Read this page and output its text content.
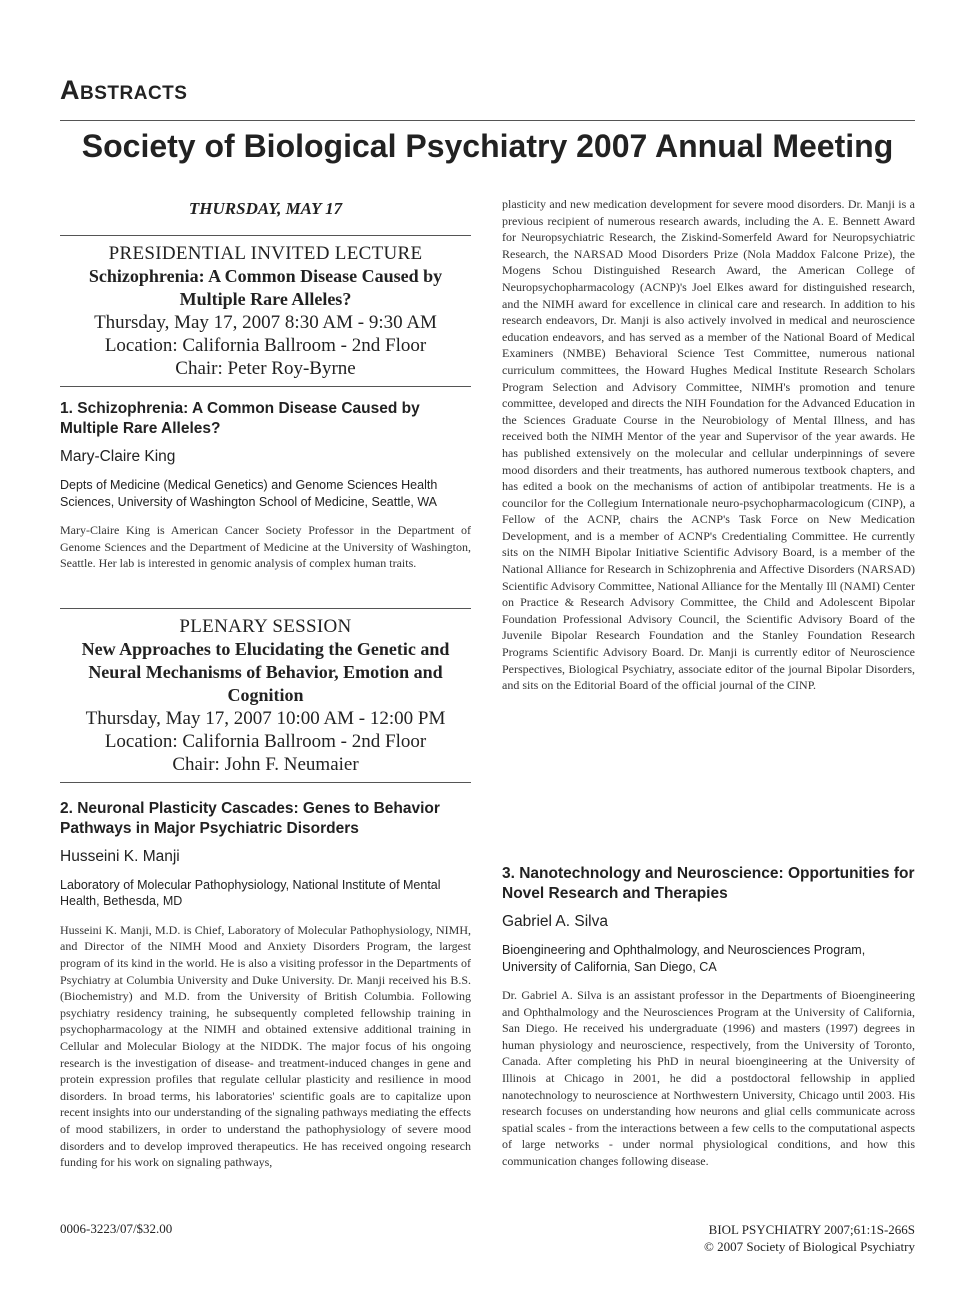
Abstracts
Society of Biological Psychiatry 2007 Annual Meeting
THURSDAY, MAY 17
PRESIDENTIAL INVITED LECTURE
Schizophrenia: A Common Disease Caused by Multiple Rare Alleles?
Thursday, May 17, 2007 8:30 AM - 9:30 AM
Location: California Ballroom - 2nd Floor
Chair: Peter Roy-Byrne
1. Schizophrenia: A Common Disease Caused by Multiple Rare Alleles?
Mary-Claire King
Depts of Medicine (Medical Genetics) and Genome Sciences Health Sciences, University of Washington School of Medicine, Seattle, WA
Mary-Claire King is American Cancer Society Professor in the Department of Genome Sciences and the Department of Medicine at the University of Washington, Seattle. Her lab is interested in genomic analysis of complex human traits.
PLENARY SESSION
New Approaches to Elucidating the Genetic and Neural Mechanisms of Behavior, Emotion and Cognition
Thursday, May 17, 2007 10:00 AM - 12:00 PM
Location: California Ballroom - 2nd Floor
Chair: John F. Neumaier
2. Neuronal Plasticity Cascades: Genes to Behavior Pathways in Major Psychiatric Disorders
Husseini K. Manji
Laboratory of Molecular Pathophysiology, National Institute of Mental Health, Bethesda, MD
Husseini K. Manji, M.D. is Chief, Laboratory of Molecular Pathophysiology, NIMH, and Director of the NIMH Mood and Anxiety Disorders Program, the largest program of its kind in the world. He is also a visiting professor in the Departments of Psychiatry at Columbia University and Duke University. Dr. Manji received his B.S. (Biochemistry) and M.D. from the University of British Columbia. Following psychiatry residency training, he subsequently completed fellowship training in psychopharmacology at the NIMH and obtained extensive additional training in Cellular and Molecular Biology at the NIDDK. The major focus of his ongoing research is the investigation of disease- and treatment-induced changes in gene and protein expression profiles that regulate cellular plasticity and resilience in mood disorders. In broad terms, his laboratories' scientific goals are to capitalize upon recent insights into our understanding of the signaling pathways mediating the effects of mood stabilizers, in order to understand the pathophysiology of severe mood disorders and to develop improved therapeutics. He has received ongoing research funding for his work on signaling pathways,
plasticity and new medication development for severe mood disorders. Dr. Manji is a previous recipient of numerous research awards, including the A. E. Bennett Award for Neuropsychiatric Research, the Ziskind-Somerfeld Award for Neuropsychiatric Research, the NARSAD Mood Disorders Prize (Nola Maddox Falcone Prize), the Mogens Schou Distinguished Research Award, the American College of Neuropsychopharmacology (ACNP)'s Joel Elkes award for distinguished research, and the NIMH award for excellence in clinical care and research. In addition to his research endeavors, Dr. Manji is also actively involved in medical and neuroscience education endeavors, and has served as a member of the National Board of Medical Examiners (NMBE) Behavioral Science Test Committee, numerous national curriculum committees, the Howard Hughes Medical Institute Research Scholars Program Selection and Advisory Committee, NIMH's promotion and tenure committee, developed and directs the NIH Foundation for the Advanced Education in the Sciences Graduate Course in the Neurobiology of Mental Illness, and has received both the NIMH Mentor of the year and Supervisor of the year awards. He has published extensively on the molecular and cellular underpinnings of severe mood disorders and their treatments, has authored numerous textbook chapters, and has edited a book on the mechanisms of action of antibipolar treatments. He is a councilor for the Collegium Internationale neuro-psychopharmacologicum (CINP), a Fellow of the ACNP, chairs the ACNP's Task Force on New Medication Development, and is a member of ACNP's Credentialing Committee. He currently sits on the NIMH Bipolar Initiative Scientific Advisory Board, is a member of the National Alliance for Research in Schizophrenia and Affective Disorders (NARSAD) Scientific Advisory Committee, National Alliance for the Mentally Ill (NAMI) Center on Practice & Research Advisory Committee, the Child and Adolescent Bipolar Foundation Professional Advisory Council, the Scientific Advisory Board of the Juvenile Bipolar Research Foundation and the Stanley Foundation Research Programs Scientific Advisory Board. Dr. Manji is currently editor of Neuroscience Perspectives, Biological Psychiatry, associate editor of the journal Bipolar Disorders, and sits on the Editorial Board of the official journal of the CINP.
3. Nanotechnology and Neuroscience: Opportunities for Novel Research and Therapies
Gabriel A. Silva
Bioengineering and Ophthalmology, and Neurosciences Program, University of California, San Diego, CA
Dr. Gabriel A. Silva is an assistant professor in the Departments of Bioengineering and Ophthalmology and the Neurosciences Program at the University of California, San Diego. He received his undergraduate (1996) and masters (1997) degrees in human physiology and neuroscience, respectively, from the University of Toronto, Canada. After completing his PhD in neural bioengineering at the University of Illinois at Chicago in 2001, he did a postdoctoral fellowship in applied nanotechnology to neuroscience at Northwestern University, Chicago until 2003. His research focuses on understanding how neurons and glial cells communicate across spatial scales - from the interactions between a few cells to the computational aspects of large networks - under normal physiological conditions, and how this communication changes following disease.
0006-3223/07/$32.00	BIOL PSYCHIATRY 2007;61:1S-266S
© 2007 Society of Biological Psychiatry
